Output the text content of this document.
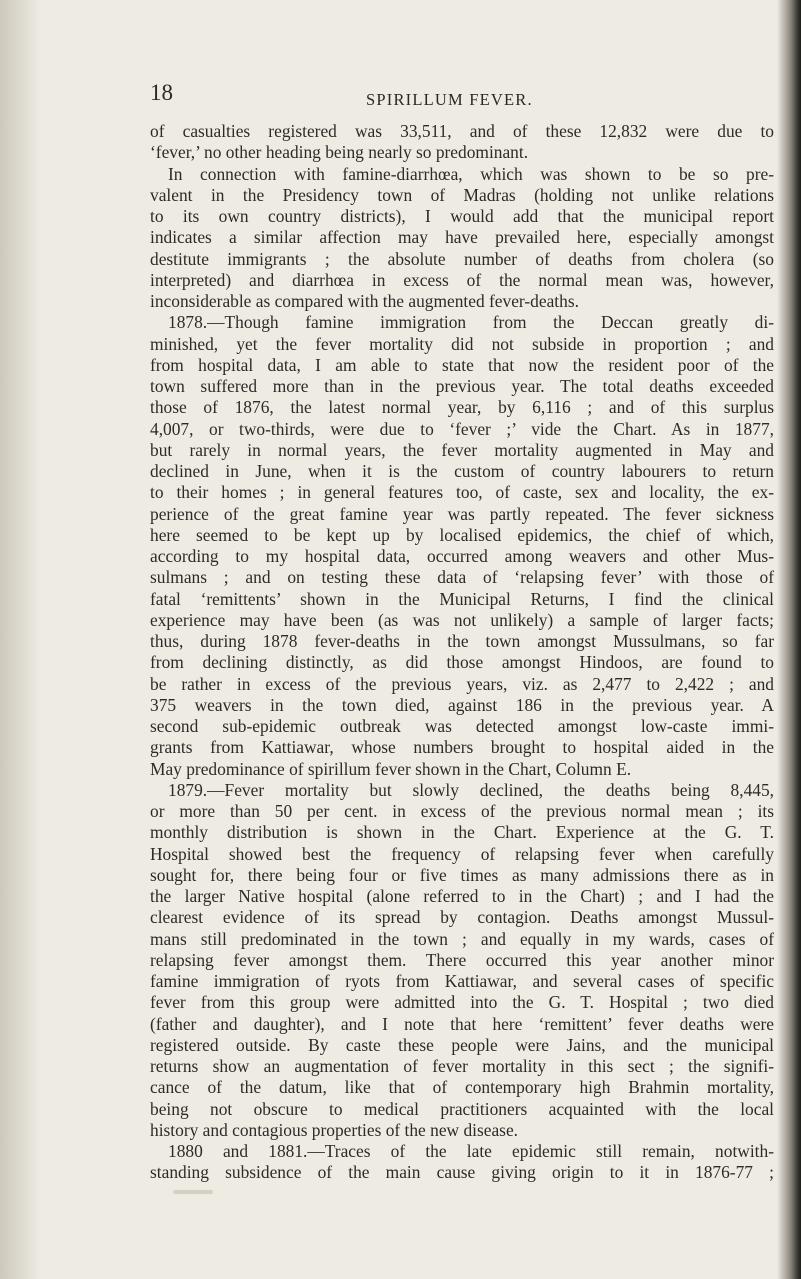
18	SPIRILLUM FEVER.
of casualties registered was 33,511, and of these 12,832 were due to
‘fever,’ no other heading being nearly so predominant.
In connection with famine-diarrhœa, which was shown to be so pre-
valent in the Presidency town of Madras (holding not unlike relations
to its own country districts), I would add that the municipal report
indicates a similar affection may have prevailed here, especially amongst
destitute immigrants ; the absolute number of deaths from cholera (so
interpreted) and diarrhœa in excess of the normal mean was, however,
inconsiderable as compared with the augmented fever-deaths.
1878.—Though famine immigration from the Deccan greatly di-
minished, yet the fever mortality did not subside in proportion ; and
from hospital data, I am able to state that now the resident poor of the
town suffered more than in the previous year. The total deaths exceeded
those of 1876, the latest normal year, by 6,116 ; and of this surplus
4,007, or two-thirds, were due to ‘fever ;’ vide the Chart. As in 1877,
but rarely in normal years, the fever mortality augmented in May and
declined in June, when it is the custom of country labourers to return
to their homes ; in general features too, of caste, sex and locality, the ex-
perience of the great famine year was partly repeated. The fever sickness
here seemed to be kept up by localised epidemics, the chief of which,
according to my hospital data, occurred among weavers and other Mus-
sulmans ; and on testing these data of ‘relapsing fever’ with those of
fatal ‘remittents’ shown in the Municipal Returns, I find the clinical
experience may have been (as was not unlikely) a sample of larger facts;
thus, during 1878 fever-deaths in the town amongst Mussulmans, so far
from declining distinctly, as did those amongst Hindoos, are found to
be rather in excess of the previous years, viz. as 2,477 to 2,422 ; and
375 weavers in the town died, against 186 in the previous year. A
second sub-epidemic outbreak was detected amongst low-caste immi-
grants from Kattiawar, whose numbers brought to hospital aided in the
May predominance of spirillum fever shown in the Chart, Column E.
1879.—Fever mortality but slowly declined, the deaths being 8,445,
or more than 50 per cent. in excess of the previous normal mean ; its
monthly distribution is shown in the Chart. Experience at the G. T.
Hospital showed best the frequency of relapsing fever when carefully
sought for, there being four or five times as many admissions there as in
the larger Native hospital (alone referred to in the Chart) ; and I had the
clearest evidence of its spread by contagion. Deaths amongst Mussul-
mans still predominated in the town ; and equally in my wards, cases of
relapsing fever amongst them. There occurred this year another minor
famine immigration of ryots from Kattiawar, and several cases of specific
fever from this group were admitted into the G. T. Hospital ; two died
(father and daughter), and I note that here ‘remittent’ fever deaths were
registered outside. By caste these people were Jains, and the municipal
returns show an augmentation of fever mortality in this sect ; the signifi-
cance of the datum, like that of contemporary high Brahmin mortality,
being not obscure to medical practitioners acquainted with the local
history and contagious properties of the new disease.
1880 and 1881.—Traces of the late epidemic still remain, notwith-
standing subsidence of the main cause giving origin to it in 1876-77 ;
